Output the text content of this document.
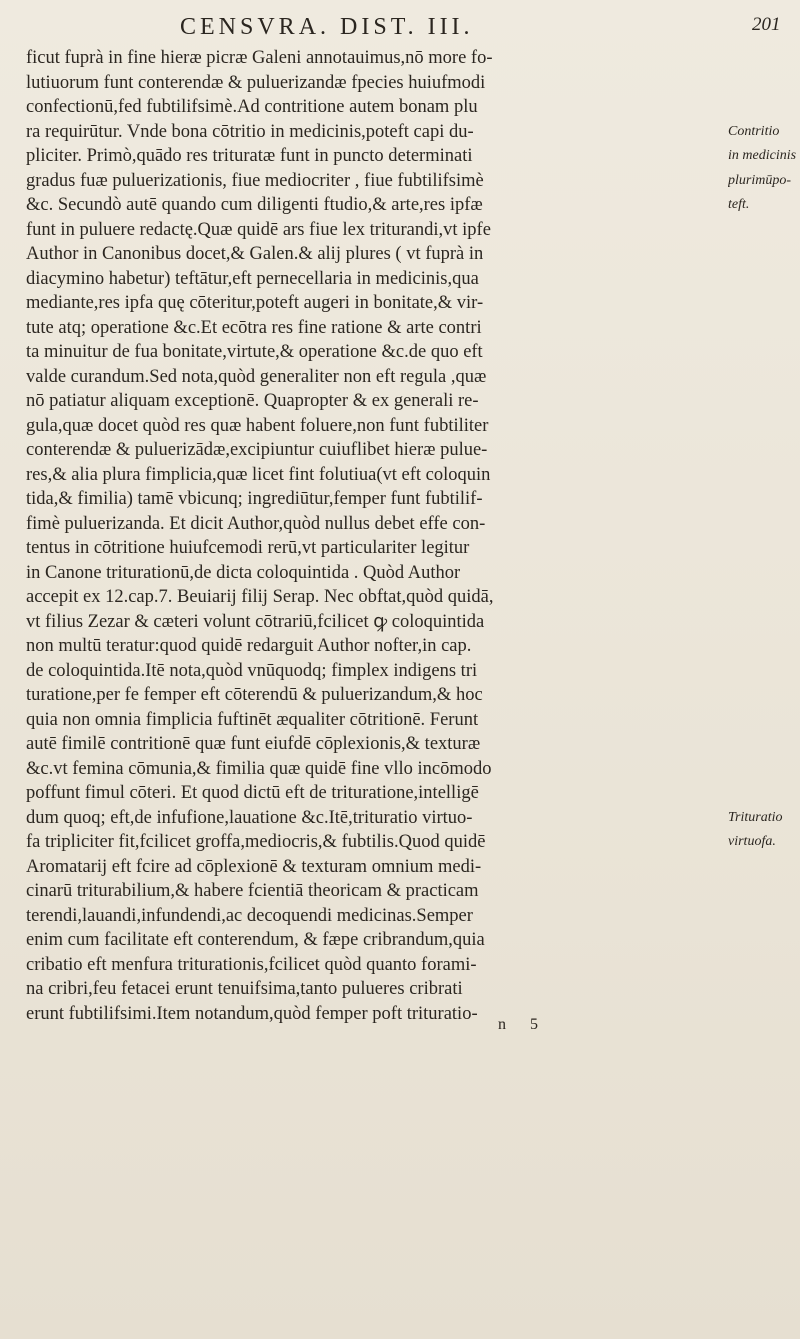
CENSVRA. DIST. III.	201
ficut fuprà in fine hieræ picræ Galeni annotauimus,nō more fo-
lutiuorum funt conterendæ & puluerizandæ fpecies huiufmodi
confectionū,fed fubtilifsimè.Ad contritione autem bonam plu
ra requirūtur. Vnde bona cōtritio in medicinis,poteft capi du-
pliciter. Primò,quādo res trituratæ funt in puncto determinati
gradus fuæ puluerizationis, fiue mediocriter , fiue fubtilifsimè
&c. Secundò autē quando cum diligenti ftudio,& arte,res ipfæ
funt in puluere redactę.Quæ quidē ars fiue lex triturandi,vt ipfe
Author in Canonibus docet,& Galen.& alij plures ( vt fuprà in
diacymino habetur) teftātur,eft pernecellaria in medicinis,qua
mediante,res ipfa quę cōteritur,poteft augeri in bonitate,& vir-
tute atq; operatione &c.Et ecōtra res fine ratione & arte contri
ta minuitur de fua bonitate,virtute,& operatione &c.de quo eft
valde curandum.Sed nota,quòd generaliter non eft regula ,quæ
nō patiatur aliquam exceptionē. Quapropter & ex generali re-
gula,quæ docet quòd res quæ habent foluere,non funt fubtiliter
conterendæ & puluerizādæ,excipiuntur cuiuflibet hieræ pulue-
res,& alia plura fimplicia,quæ licet fint folutiua(vt eft coloquin
tida,& fimilia) tamē vbicunq; ingrediūtur,femper funt fubtilif-
fimè puluerizanda. Et dicit Author,quòd nullus debet effe con-
tentus in cōtritione huiufcemodi rerū,vt particulariter legitur
in Canone triturationū,de dicta coloquintida . Quòd Author
accepit ex 12.cap.7. Beuiarij filij Serap. Nec obftat,quòd quidā,
vt filius Zezar & cæteri volunt cōtrariū,fcilicet ꝙ coloquintida
non multū teratur:quod quidē redarguit Author nofter,in cap.
de coloquintida.Itē nota,quòd vnūquodq; fimplex indigens tri
turatione,per fe femper eft cōterendū & puluerizandum,& hoc
quia non omnia fimplicia fuftinēt æqualiter cōtritionē. Ferunt
autē fimilē contritionē quæ funt eiufdē cōplexionis,& texturæ
&c.vt femina cōmunia,& fimilia quæ quidē fine vllo incōmodo
poffunt fimul cōteri. Et quod dictū eft de trituratione,intelligē
dum quoq; eft,de infufione,lauatione &c.Itē,trituratio virtuo-
fa tripliciter fit,fcilicet groffa,mediocris,& fubtilis.Quod quidē
Aromatarij eft fcire ad cōplexionē & texturam omnium medi-
cinarū triturabilium,& habere fcientiā theoricam & practicam
terendi,lauandi,infundendi,ac decoquendi medicinas.Semper
enim cum facilitate eft conterendum, & fæpe cribrandum,quia
cribatio eft menfura triturationis,fcilicet quòd quanto forami-
na cribri,feu fetacei erunt tenuifsima,tanto pulueres cribrati
erunt fubtilifsimi.Item notandum,quòd femper poft trituratio-
Contritio
in medicinis
plurimūpo-
teft.
Trituratio
virtuofa.
n 5
